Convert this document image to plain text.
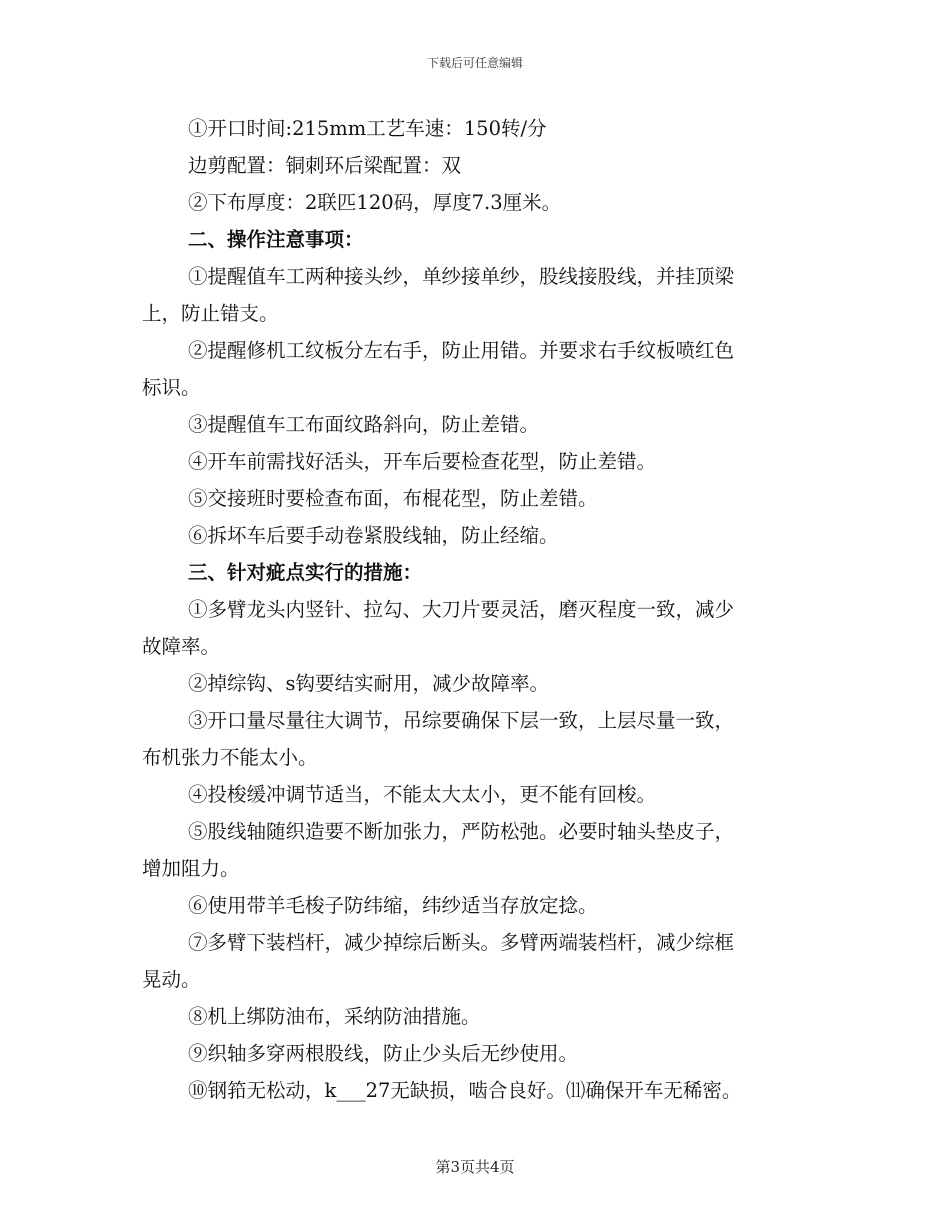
下载后可任意编辑
①开口时间:215mm工艺车速：150转/分
边剪配置：铜刺环后梁配置：双
②下布厚度：2联匹120码，厚度7.3厘米。
二、操作注意事项：
①提醒值车工两种接头纱，单纱接单纱，股线接股线，并挂顶梁
上，防止错支。
②提醒修机工纹板分左右手，防止用错。并要求右手纹板喷红色
标识。
③提醒值车工布面纹路斜向，防止差错。
④开车前需找好活头，开车后要检查花型，防止差错。
⑤交接班时要检查布面，布棍花型，防止差错。
⑥拆坏车后要手动卷紧股线轴，防止经缩。
三、针对疵点实行的措施：
①多臂龙头内竖针、拉勾、大刀片要灵活，磨灭程度一致，减少
故障率。
②掉综钩、s钩要结实耐用，减少故障率。
③开口量尽量往大调节，吊综要确保下层一致，上层尽量一致，
布机张力不能太小。
④投梭缓冲调节适当，不能太大太小，更不能有回梭。
⑤股线轴随织造要不断加张力，严防松弛。必要时轴头垫皮子，
增加阻力。
⑥使用带羊毛梭子防纬缩，纬纱适当存放定捻。
⑦多臂下装档杆，减少掉综后断头。多臂两端装档杆，减少综框
晃动。
⑧机上绑防油布，采纳防油措施。
⑨织轴多穿两根股线，防止少头后无纱使用。
⑩钢筘无松动，k___27无缺损，啮合良好。⑾确保开车无稀密。
第3页共4页
